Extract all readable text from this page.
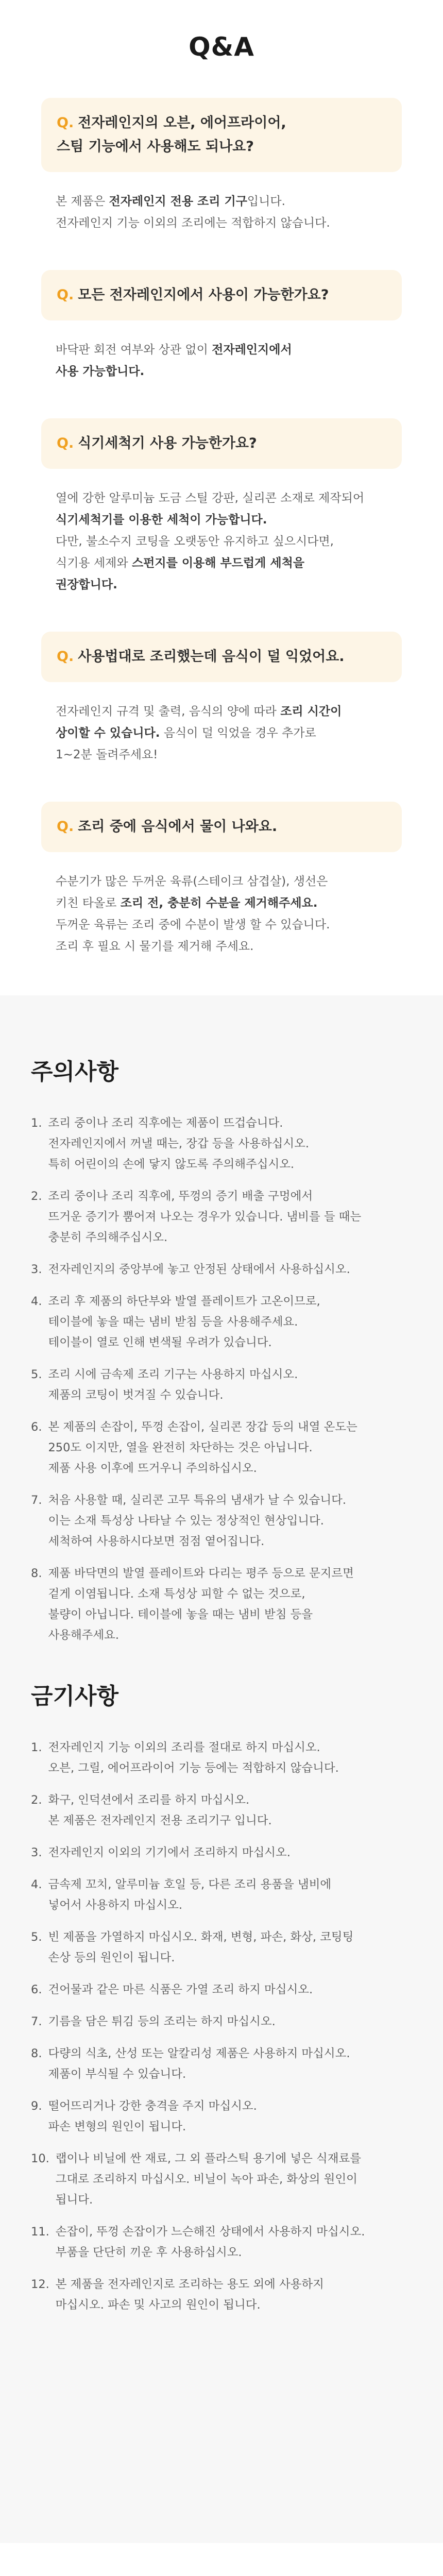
Q&A
Q. 전자레인지의 오븐, 에어프라이어,
스팀 기능에서 사용해도 되나요?
본 제품은 전자레인지 전용 조리 기구입니다.
전자레인지 기능 이외의 조리에는 적합하지 않습니다.
Q. 모든 전자레인지에서 사용이 가능한가요?
바닥판 회전 여부와 상관 없이 전자레인지에서
사용 가능합니다.
Q. 식기세척기 사용 가능한가요?
열에 강한 알루미늄 도금 스틸 강판, 실리콘 소재로 제작되어
식기세척기를 이용한 세척이 가능합니다.
다만, 불소수지 코팅을 오랫동안 유지하고 싶으시다면,
식기용 세제와 스펀지를 이용해 부드럽게 세척을
권장합니다.
Q. 사용법대로 조리했는데 음식이 덜 익었어요.
전자레인지 규격 및 출력, 음식의 양에 따라 조리 시간이
상이할 수 있습니다. 음식이 덜 익었을 경우 추가로
1~2분 돌려주세요!
Q. 조리 중에 음식에서 물이 나와요.
수분기가 많은 두꺼운 육류(스테이크 삼겹살), 생선은
키친 타올로 조리 전, 충분히 수분을 제거해주세요.
두꺼운 육류는 조리 중에 수분이 발생 할 수 있습니다.
조리 후 필요 시 물기를 제거해 주세요.
주의사항
1. 조리 중이나 조리 직후에는 제품이 뜨겁습니다.
전자레인지에서 꺼낼 때는, 장갑 등을 사용하십시오.
특히 어린이의 손에 닿지 않도록 주의해주십시오.
2. 조리 중이나 조리 직후에, 뚜껑의 증기 배출 구멍에서
뜨거운 증기가 뿜어져 나오는 경우가 있습니다. 냄비를 들 때는
충분히 주의해주십시오.
3. 전자레인지의 중앙부에 놓고 안정된 상태에서 사용하십시오.
4. 조리 후 제품의 하단부와 발열 플레이트가 고온이므로,
테이블에 놓을 때는 냄비 받침 등을 사용해주세요.
테이블이 열로 인해 변색될 우려가 있습니다.
5. 조리 시에 금속제 조리 기구는 사용하지 마십시오.
제품의 코팅이 벗겨질 수 있습니다.
6. 본 제품의 손잡이, 뚜껑 손잡이, 실리콘 장갑 등의 내열 온도는
250도 이지만, 열을 완전히 차단하는 것은 아닙니다.
제품 사용 이후에 뜨거우니 주의하십시오.
7. 처음 사용할 때, 실리콘 고무 특유의 냄새가 날 수 있습니다.
이는 소재 특성상 나타날 수 있는 정상적인 현상입니다.
세척하여 사용하시다보면 점점 옅어집니다.
8. 제품 바닥면의 발열 플레이트와 다리는 평주 등으로 문지르면
겉게 이염됩니다. 소재 특성상 피할 수 없는 것으로,
불량이 아닙니다. 테이블에 놓을 때는 냄비 받침 등을
사용해주세요.
금기사항
1. 전자레인지 기능 이외의 조리를 절대로 하지 마십시오.
오븐, 그릴, 에어프라이어 기능 등에는 적합하지 않습니다.
2. 화구, 인덕션에서 조리를 하지 마십시오.
본 제품은 전자레인지 전용 조리기구 입니다.
3. 전자레인지 이외의 기기에서 조리하지 마십시오.
4. 금속제 꼬치, 알루미늄 호일 등, 다른 조리 용품을 냄비에
넣어서 사용하지 마십시오.
5. 빈 제품을 가열하지 마십시오. 화재, 변형, 파손, 화상, 코팅팅
손상 등의 원인이 됩니다.
6. 건어물과 같은 마른 식품은 가열 조리 하지 마십시오.
7. 기름을 담은 튀김 등의 조리는 하지 마십시오.
8. 다량의 식초, 산성 또는 알칼리성 제품은 사용하지 마십시오.
제품이 부식될 수 있습니다.
9. 떨어뜨리거나 강한 충격을 주지 마십시오.
파손 변형의 원인이 됩니다.
10. 랩이나 비닐에 싼 재료, 그 외 플라스틱 용기에 넣은 식재료를
그대로 조리하지 마십시오. 비닐이 녹아 파손, 화상의 원인이
됩니다.
11. 손잡이, 뚜껑 손잡이가 느슨해진 상태에서 사용하지 마십시오.
부품을 단단히 끼운 후 사용하십시오.
12. 본 제품을 전자레인지로 조리하는 용도 외에 사용하지
마십시오. 파손 및 사고의 원인이 됩니다.
